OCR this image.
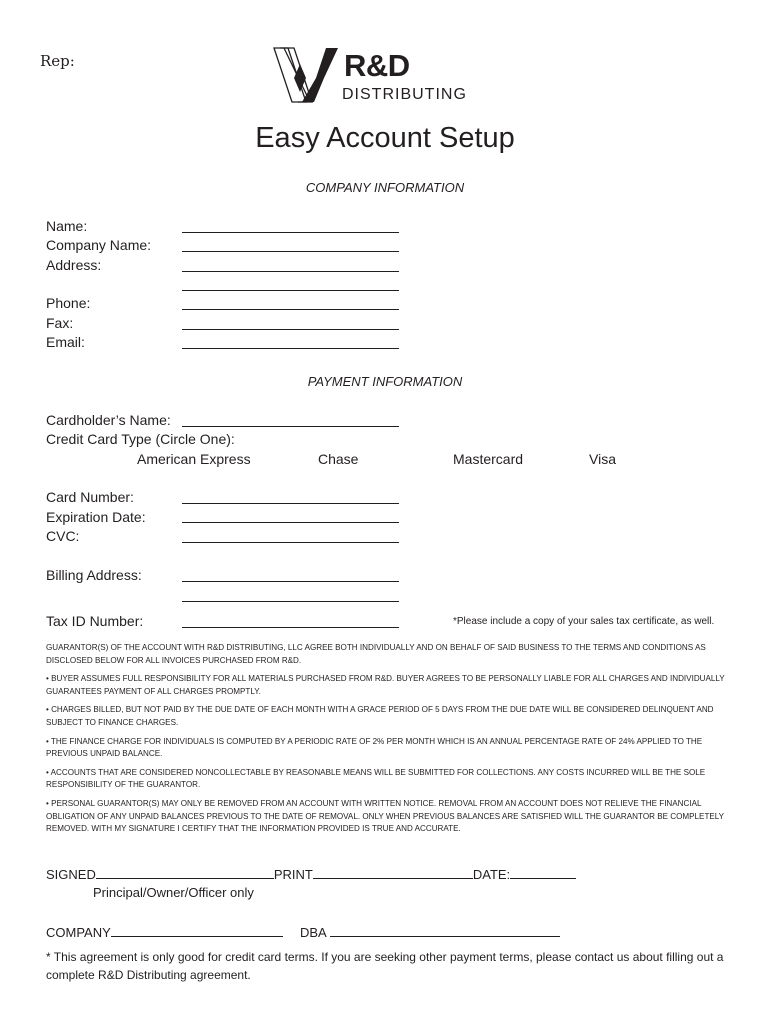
Rep:	R&D
DISTRIBUTING
Easy Account Setup
COMPANY INFORMATION
Name:
Company Name:
Address:
Phone:
Fax:
Email:
PAYMENT INFORMATION
Cardholder’s Name:
Credit Card Type (Circle One):
American Express	Chase	Mastercard	Visa
Card Number:
Expiration Date:
CVC:
Billing Address:
Tax ID Number:	*Please include a copy of your sales tax certificate, as well.

GUARANTOR(S) OF THE ACCOUNT WITH R&D DISTRIBUTING, LLC AGREE BOTH INDIVIDUALLY AND ON BEHALF OF SAID BUSINESS TO THE TERMS AND CONDITIONS AS DISCLOSED BELOW FOR ALL INVOICES PURCHASED FROM R&D.

• BUYER ASSUMES FULL RESPONSIBILITY FOR ALL MATERIALS PURCHASED FROM R&D. BUYER AGREES TO BE PERSONALLY LIABLE FOR ALL CHARGES AND INDIVIDUALLY GUARANTEES PAYMENT OF ALL CHARGES PROMPTLY.

• CHARGES BILLED, BUT NOT PAID BY THE DUE DATE OF EACH MONTH WITH A GRACE PERIOD OF 5 DAYS FROM THE DUE DATE WILL BE CONSIDERED DELINQUENT AND SUBJECT TO FINANCE CHARGES.

• THE FINANCE CHARGE FOR INDIVIDUALS IS COMPUTED BY A PERIODIC RATE OF 2% PER MONTH WHICH IS AN ANNUAL PERCENTAGE RATE OF 24% APPLIED TO THE PREVIOUS UNPAID BALANCE.

• ACCOUNTS THAT ARE CONSIDERED NONCOLLECTABLE BY REASONABLE MEANS WILL BE SUBMITTED FOR COLLECTIONS. ANY COSTS INCURRED WILL BE THE SOLE RESPONSIBILITY OF THE GUARANTOR.

• PERSONAL GUARANTOR(S) MAY ONLY BE REMOVED FROM AN ACCOUNT WITH WRITTEN NOTICE. REMOVAL FROM AN ACCOUNT DOES NOT RELIEVE THE FINANCIAL OBLIGATION OF ANY UNPAID BALANCES PREVIOUS TO THE DATE OF REMOVAL. ONLY WHEN PREVIOUS BALANCES ARE SATISFIED WILL THE GUARANTOR BE COMPLETELY REMOVED. WITH MY SIGNATURE I CERTIFY THAT THE INFORMATION PROVIDED IS TRUE AND ACCURATE.

SIGNED	PRINT	DATE:
Principal/Owner/Officer only
COMPANY	DBA
* This agreement is only good for credit card terms. If you are seeking other payment terms, please contact us about filling out a complete R&D Distributing agreement.
